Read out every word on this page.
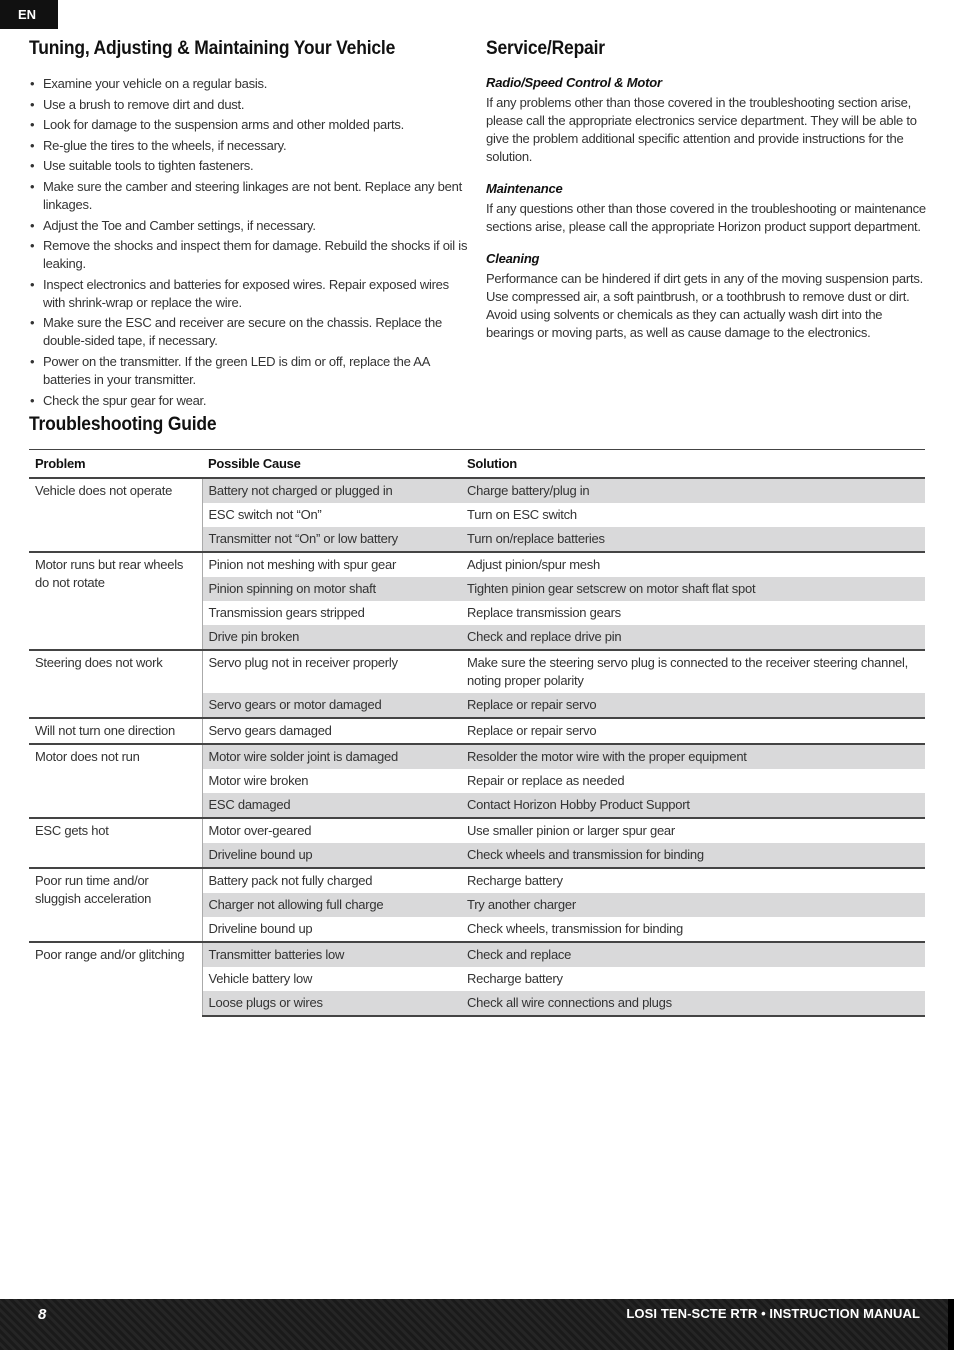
EN
Tuning, Adjusting & Maintaining Your Vehicle
• Examine your vehicle on a regular basis.
• Use a brush to remove dirt and dust.
• Look for damage to the suspension arms and other molded parts.
• Re-glue the tires to the wheels, if necessary.
• Use suitable tools to tighten fasteners.
• Make sure the camber and steering linkages are not bent. Replace any bent linkages.
• Adjust the Toe and Camber settings, if necessary.
• Remove the shocks and inspect them for damage. Rebuild the shocks if oil is leaking.
• Inspect electronics and batteries for exposed wires. Repair exposed wires with shrink-wrap or replace the wire.
• Make sure the ESC and receiver are secure on the chassis. Replace the double-sided tape, if necessary.
• Power on the transmitter. If the green LED is dim or off, replace the AA batteries in your transmitter.
• Check the spur gear for wear.
Service/Repair
Radio/Speed Control & Motor
If any problems other than those covered in the troubleshooting section arise, please call the appropriate electronics service department. They will be able to give the problem additional specific attention and provide instructions for the solution.
Maintenance
If any questions other than those covered in the troubleshooting or maintenance sections arise, please call the appropriate Horizon product support department.
Cleaning
Performance can be hindered if dirt gets in any of the moving suspension parts. Use compressed air, a soft paintbrush, or a toothbrush to remove dust or dirt. Avoid using solvents or chemicals as they can actually wash dirt into the bearings or moving parts, as well as cause damage to the electronics.
Troubleshooting Guide
Problem	Possible Cause	Solution
Vehicle does not operate	Battery not charged or plugged in	Charge battery/plug in
	ESC switch not “On”	Turn on ESC switch
	Transmitter not “On” or low battery	Turn on/replace batteries
Motor runs but rear wheels do not rotate	Pinion not meshing with spur gear	Adjust pinion/spur mesh
	Pinion spinning on motor shaft	Tighten pinion gear setscrew on motor shaft flat spot
	Transmission gears stripped	Replace transmission gears
	Drive pin broken	Check and replace drive pin
Steering does not work	Servo plug not in receiver properly	Make sure the steering servo plug is connected to the receiver steering channel, noting proper polarity
	Servo gears or motor damaged	Replace or repair servo
Will not turn one direction	Servo gears damaged	Replace or repair servo
Motor does not run	Motor wire solder joint is damaged	Resolder the motor wire with the proper equipment
	Motor wire broken	Repair or replace as needed
	ESC damaged	Contact Horizon Hobby Product Support
ESC gets hot	Motor over-geared	Use smaller pinion or larger spur gear
	Driveline bound up	Check wheels and transmission for binding
Poor run time and/or sluggish acceleration	Battery pack not fully charged	Recharge battery
	Charger not allowing full charge	Try another charger
	Driveline bound up	Check wheels, transmission for binding
Poor range and/or glitching	Transmitter batteries low	Check and replace
	Vehicle battery low	Recharge battery
	Loose plugs or wires	Check all wire connections and plugs
8	LOSI TEN-SCTE RTR • INSTRUCTION MANUAL
